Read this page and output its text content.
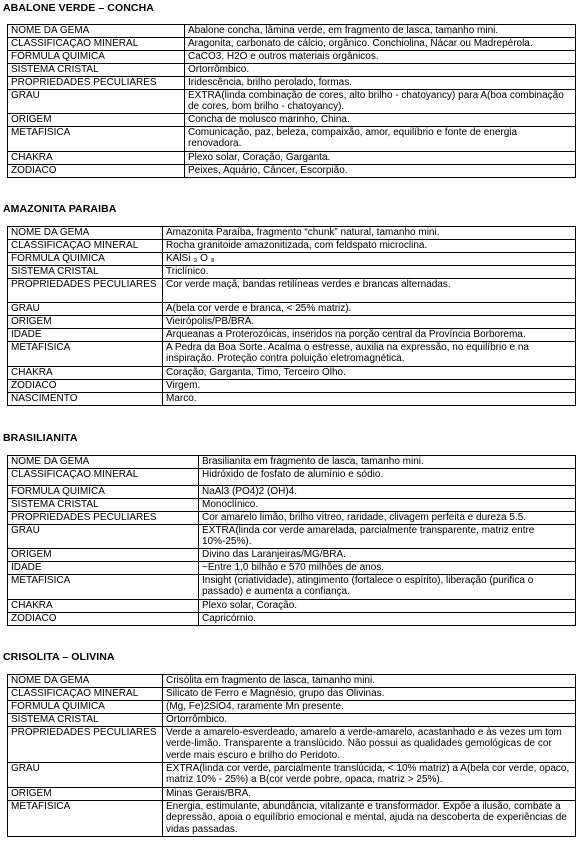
ABALONE VERDE – CONCHA
NOME DA GEMA	Abalone concha, lâmina verde, em fragmento de lasca, tamanho mini.
CLASSIFICAÇÃO MINERAL	Aragonita, carbonato de cálcio, orgânico. Conchiolina, Nácar ou Madrepérola.
FÓRMULA QUIMICA	CaCO3, H2O e outros materiais orgânicos.
SISTEMA CRISTAL	Ortorrômbico.
PROPRIEDADES PECULIARES	Iridescência, brilho perolado, formas.
GRAU	EXTRA(linda combinação de cores, alto brilho - chatoyancy) para A(boa combinação de cores, bom brilho - chatoyancy).
ORIGEM	Concha de molusco marinho, China.
METAFÍSICA	Comunicação, paz, beleza, compaixão, amor, equilíbrio e fonte de energia renovadora.
CHAKRA	Plexo solar, Coração, Garganta.
ZODIACO	Peixes, Aquário, Câncer, Escorpião.
AMAZONITA PARAIBA
NOME DA GEMA	Amazonita Paraíba, fragmento “chunk” natural, tamanho mini.
CLASSIFICAÇÃO MINERAL	Rocha granitoide amazonitizada, com feldspato microclina.
FÓRMULA QUIMICA	KAlSi ₃ O ₈
SISTEMA CRISTAL	Triclínico.
PROPRIEDADES PECULIARES	Cor verde maçã, bandas retilíneas verdes e brancas alternadas.
GRAU	A(bela cor verde e branca, < 25% matriz).
ORIGEM	Vieirópolis/PB/BRA.
IDADE	Arqueanas a Proterozóicas, inseridos na porção central da Província Borborema.
METAFÍSICA	A Pedra da Boa Sorte. Acalma o estresse, auxilia na expressão, no equilíbrio e na inspiração. Proteção contra poluição eletromagnética.
CHAKRA	Coração, Garganta, Timo, Terceiro Olho.
ZODIACO	Virgem.
NASCIMENTO	Marco.
BRASILIANITA
NOME DA GEMA	Brasilianita em fragmento de lasca, tamanho mini.
CLASSIFICAÇÃO MINERAL	Hidróxido de fosfato de alumínio e sódio.
FÓRMULA QUIMICA	NaAl3 (PO4)2 (OH)4.
SISTEMA CRISTAL	Monoclínico.
PROPRIEDADES PECULIARES	Cor amarelo limão, brilho vítreo, raridade, clivagem perfeita e dureza 5.5.
GRAU	EXTRA(linda cor verde amarelada, parcialmente transparente, matriz entre 10%-25%).
ORIGEM	Divino das Laranjeiras/MG/BRA.
IDADE	~Entre 1,0 bilhão e 570 milhões de anos.
METAFÍSICA	Insight (criatividade), atingimento (fortalece o espírito), liberação (purifica o passado) e aumenta a confiança.
CHAKRA	Plexo solar, Coração.
ZODIACO	Capricórnio.
CRISOLITA – OLIVINA
NOME DA GEMA	Crisólita em fragmento de lasca, tamanho mini.
CLASSIFICAÇÃO MINERAL	Silicato de Ferro e Magnésio, grupo das Olivinas.
FÓRMULA QUIMICA	(Mg, Fe)2SiO4, raramente Mn presente.
SISTEMA CRISTAL	Ortorrômbico.
PROPRIEDADES PECULIARES	Verde a amarelo-esverdeado, amarelo a verde-amarelo, acastanhado e às vezes um tom verde-limão. Transparente a translúcido. Não possui as qualidades gemológicas de cor verde mais escuro e brilho do Peridoto.
GRAU	EXTRA(linda cor verde, parcialmente translúcida, < 10% matriz) a A(bela cor verde, opaco, matriz 10% - 25%) a B(cor verde pobre, opaca, matriz > 25%).
ORIGEM	Minas Gerais/BRA.
METAFÍSICA	Energia, estimulante, abundância, vitalizante e transformador. Expõe a ilusão, combate a depressão, apoia o equilíbrio emocional e mental, ajuda na descoberta de experiências de vidas passadas.
